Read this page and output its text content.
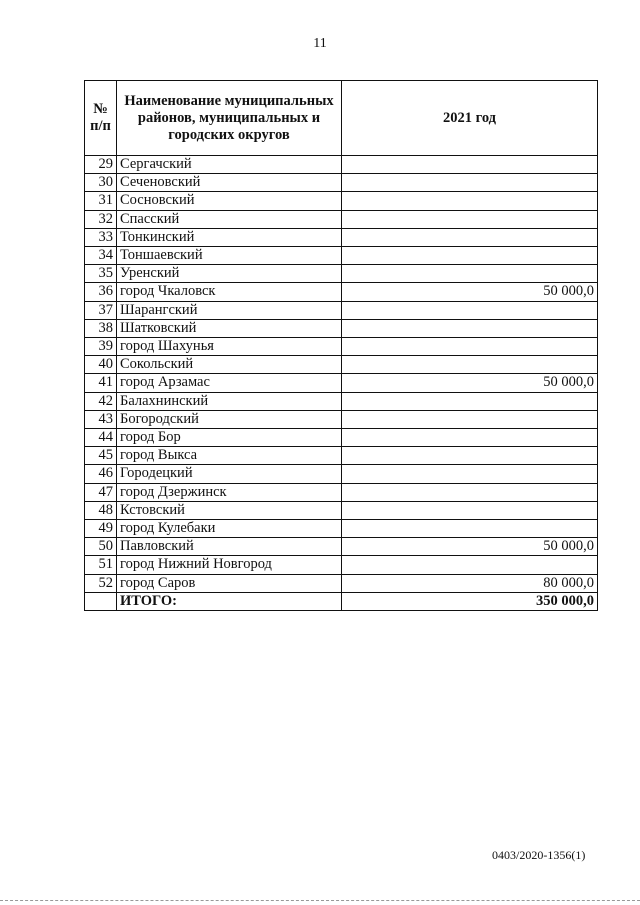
11
№ п/п	Наименование муниципальных районов, муниципальных и городских округов	2021 год
29	Сергачский	
30	Сеченовский	
31	Сосновский	
32	Спасский	
33	Тонкинский	
34	Тоншаевский	
35	Уренский	
36	город Чкаловск	50 000,0
37	Шарангский	
38	Шатковский	
39	город Шахунья	
40	Сокольский	
41	город Арзамас	50 000,0
42	Балахнинский	
43	Богородский	
44	город Бор	
45	город Выкса	
46	Городецкий	
47	город Дзержинск	
48	Кстовский	
49	город Кулебаки	
50	Павловский	50 000,0
51	город Нижний Новгород	
52	город Саров	80 000,0
	ИТОГО:	350 000,0
0403/2020-1356(1)
